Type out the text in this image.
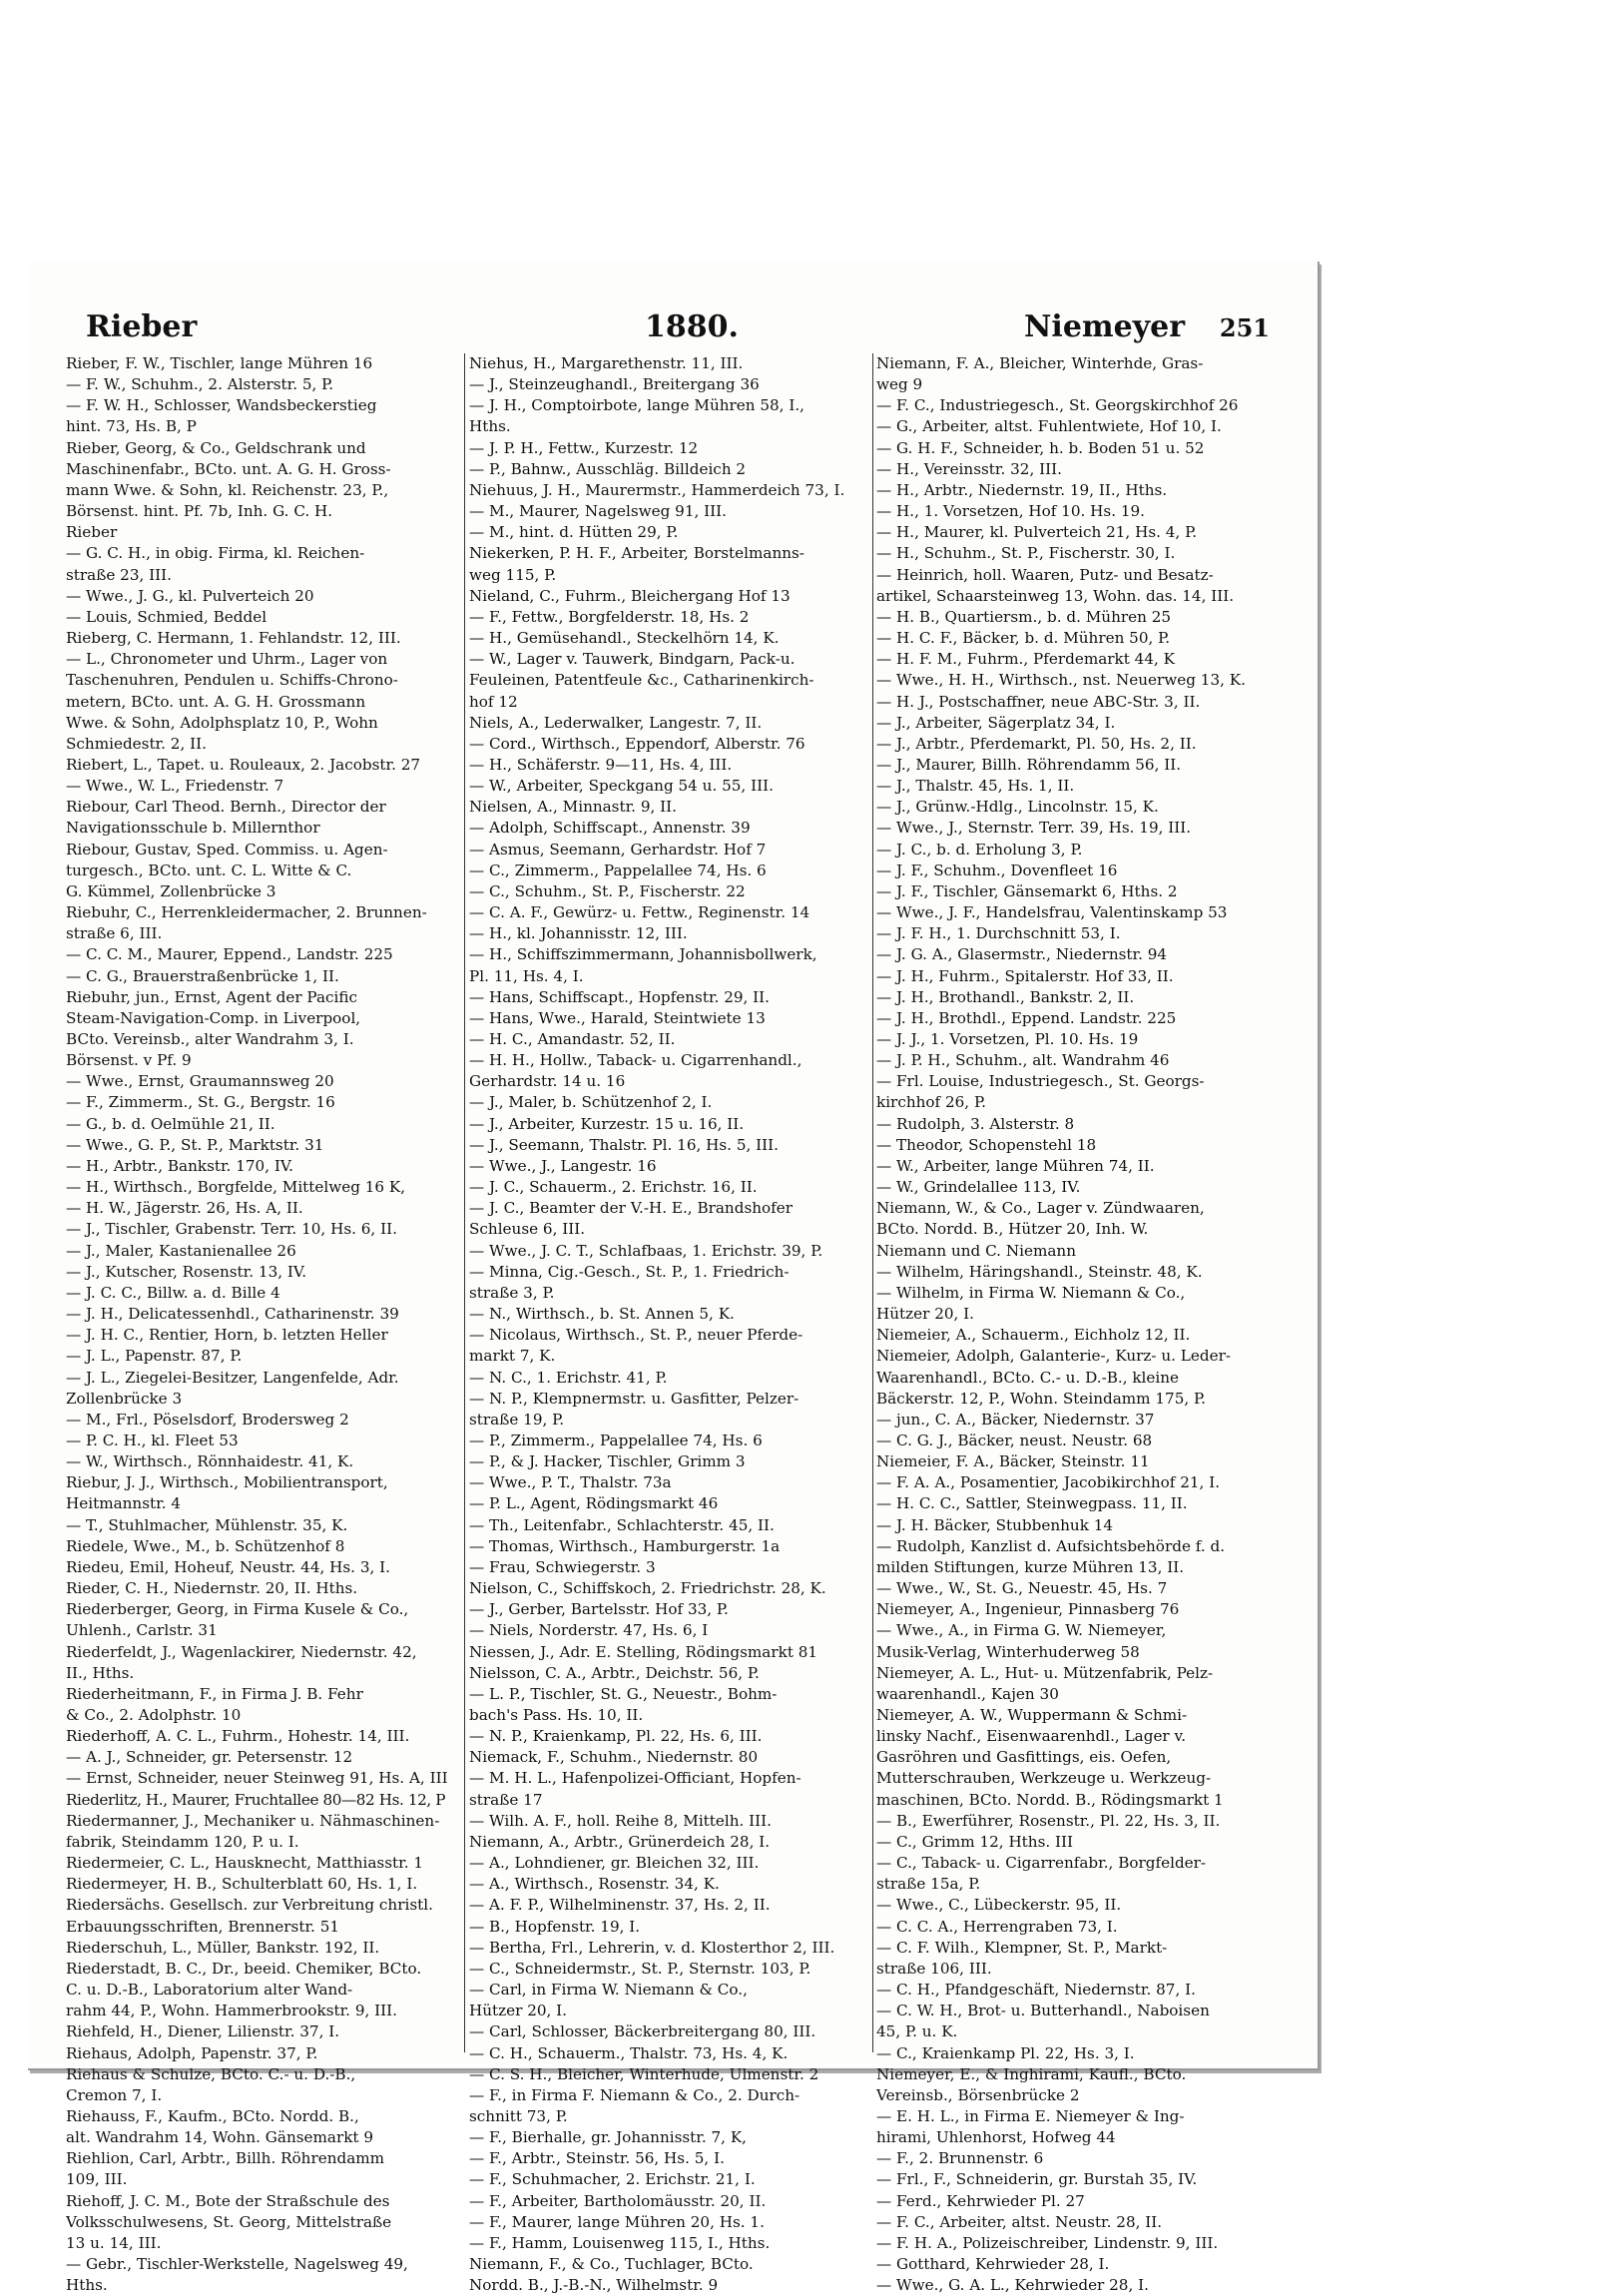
Rieber	1880.	Niemeyer 251
Rieber, F. W., Tischler, lange Mühren 16
— F. W., Schuhm., 2. Alsterstr. 5, P.
— F. W. H., Schlosser, Wandsbeckerstieg
hint. 73, Hs. B, P
Rieber, Georg, & Co., Geldschrank und
Maschinenfabr., BCto. unt. A. G. H. Gross-
mann Wwe. & Sohn, kl. Reichenstr. 23, P.,
Börsenst. hint. Pf. 7b, Inh. G. C. H.
Rieber
— G. C. H., in obig. Firma, kl. Reichen-
straße 23, III.
— Wwe., J. G., kl. Pulverteich 20
— Louis, Schmied, Beddel
Rieberg, C. Hermann, 1. Fehlandstr. 12, III.
— L., Chronometer und Uhrm., Lager von
Taschenuhren, Pendulen u. Schiffs-Chrono-
metern, BCto. unt. A. G. H. Grossmann
Wwe. & Sohn, Adolphsplatz 10, P., Wohn
Schmiedestr. 2, II.
Riebert, L., Tapet. u. Rouleaux, 2. Jacobstr. 27
— Wwe., W. L., Friedenstr. 7
Riebour, Carl Theod. Bernh., Director der
Navigationsschule b. Millernthor
Riebour, Gustav, Sped. Commiss. u. Agen-
turgesch., BCto. unt. C. L. Witte & C.
G. Kümmel, Zollenbrücke 3
Riebuhr, C., Herrenkleidermacher, 2. Brunnen-
straße 6, III.
— C. C. M., Maurer, Eppend., Landstr. 225
— C. G., Brauerstraßenbrücke 1, II.
Riebuhr, jun., Ernst, Agent der Pacific
Steam-Navigation-Comp. in Liverpool,
BCto. Vereinsb., alter Wandrahm 3, I.
Börsenst. v Pf. 9
— Wwe., Ernst, Graumannsweg 20
— F., Zimmerm., St. G., Bergstr. 16
— G., b. d. Oelmühle 21, II.
— Wwe., G. P., St. P., Marktstr. 31
— H., Arbtr., Bankstr. 170, IV.
— H., Wirthsch., Borgfelde, Mittelweg 16 K,
— H. W., Jägerstr. 26, Hs. A, II.
— J., Tischler, Grabenstr. Terr. 10, Hs. 6, II.
— J., Maler, Kastanienallee 26
— J., Kutscher, Rosenstr. 13, IV.
— J. C. C., Billw. a. d. Bille 4
— J. H., Delicatessenhdl., Catharinenstr. 39
— J. H. C., Rentier, Horn, b. letzten Heller
— J. L., Papenstr. 87, P.
— J. L., Ziegelei-Besitzer, Langenfelde, Adr.
Zollenbrücke 3
— M., Frl., Pöselsdorf, Brodersweg 2
— P. C. H., kl. Fleet 53
— W., Wirthsch., Rönnhaidestr. 41, K.
Riebur, J. J., Wirthsch., Mobilientransport,
Heitmannstr. 4
— T., Stuhlmacher, Mühlenstr. 35, K.
Riedele, Wwe., M., b. Schützenhof 8
Riedeu, Emil, Hoheuf, Neustr. 44, Hs. 3, I.
Rieder, C. H., Niedernstr. 20, II. Hths.
Riederberger, Georg, in Firma Kusele & Co.,
Uhlenh., Carlstr. 31
Riederfeldt, J., Wagenlackirer, Niedernstr. 42,
II., Hths.
Riederheitmann, F., in Firma J. B. Fehr
& Co., 2. Adolphstr. 10
Riederhoff, A. C. L., Fuhrm., Hohestr. 14, III.
— A. J., Schneider, gr. Petersenstr. 12
— Ernst, Schneider, neuer Steinweg 91, Hs. A, III
Riederlitz, H., Maurer, Fruchtallee 80—82 Hs. 12, P
Riedermanner, J., Mechaniker u. Nähmaschinen-
fabrik, Steindamm 120, P. u. I.
Riedermeier, C. L., Hausknecht, Matthiasstr. 1
Riedermeyer, H. B., Schulterblatt 60, Hs. 1, I.
Riedersächs. Gesellsch. zur Verbreitung christl.
Erbauungsschriften, Brennerstr. 51
Riederschuh, L., Müller, Bankstr. 192, II.
Riederstadt, B. C., Dr., beeid. Chemiker, BCto.
C. u. D.-B., Laboratorium alter Wand-
rahm 44, P., Wohn. Hammerbrookstr. 9, III.
Riehfeld, H., Diener, Lilienstr. 37, I.
Riehaus, Adolph, Papenstr. 37, P.
Riehaus & Schulze, BCto. C.- u. D.-B.,
Cremon 7, I.
Riehauss, F., Kaufm., BCto. Nordd. B.,
alt. Wandrahm 14, Wohn. Gänsemarkt 9
Riehlion, Carl, Arbtr., Billh. Röhrendamm
109, III.
Riehoff, J. C. M., Bote der Straßschule des
Volksschulwesens, St. Georg, Mittelstraße
13 u. 14, III.
— Gebr., Tischler-Werkstelle, Nagelsweg 49,
Hths.
Niehus, H., Margarethenstr. 11, III.
— J., Steinzeughandl., Breitergang 36
— J. H., Comptoirbote, lange Mühren 58, I.,
Hths.
— J. P. H., Fettw., Kurzestr. 12
— P., Bahnw., Ausschläg. Billdeich 2
Niehuus, J. H., Maurermstr., Hammerdeich 73, I.
— M., Maurer, Nagelsweg 91, III.
— M., hint. d. Hütten 29, P.
Niekerken, P. H. F., Arbeiter, Borstelmanns-
weg 115, P.
Nieland, C., Fuhrm., Bleichergang Hof 13
— F., Fettw., Borgfelderstr. 18, Hs. 2
— H., Gemüsehandl., Steckelhörn 14, K.
— W., Lager v. Tauwerk, Bindgarn, Pack-u.
Feuleinen, Patentfeule &c., Catharinenkirch-
hof 12
Niels, A., Lederwalker, Langestr. 7, II.
— Cord., Wirthsch., Eppendorf, Alberstr. 76
— H., Schäferstr. 9—11, Hs. 4, III.
— W., Arbeiter, Speckgang 54 u. 55, III.
Nielsen, A., Minnastr. 9, II.
— Adolph, Schiffscapt., Annenstr. 39
— Asmus, Seemann, Gerhardstr. Hof 7
— C., Zimmerm., Pappelallee 74, Hs. 6
— C., Schuhm., St. P., Fischerstr. 22
— C. A. F., Gewürz- u. Fettw., Reginenstr. 14
— H., kl. Johannisstr. 12, III.
— H., Schiffszimmermann, Johannisbollwerk,
Pl. 11, Hs. 4, I.
— Hans, Schiffscapt., Hopfenstr. 29, II.
— Hans, Wwe., Harald, Steintwiete 13
— H. C., Amandastr. 52, II.
— H. H., Hollw., Taback- u. Cigarrenhandl.,
Gerhardstr. 14 u. 16
— J., Maler, b. Schützenhof 2, I.
— J., Arbeiter, Kurzestr. 15 u. 16, II.
— J., Seemann, Thalstr. Pl. 16, Hs. 5, III.
— Wwe., J., Langestr. 16
— J. C., Schauerm., 2. Erichstr. 16, II.
— J. C., Beamter der V.-H. E., Brandshofer
Schleuse 6, III.
— Wwe., J. C. T., Schlafbaas, 1. Erichstr. 39, P.
— Minna, Cig.-Gesch., St. P., 1. Friedrich-
straße 3, P.
— N., Wirthsch., b. St. Annen 5, K.
— Nicolaus, Wirthsch., St. P., neuer Pferde-
markt 7, K.
— N. C., 1. Erichstr. 41, P.
— N. P., Klempnermstr. u. Gasfitter, Pelzer-
straße 19, P.
— P., Zimmerm., Pappelallee 74, Hs. 6
— P., & J. Hacker, Tischler, Grimm 3
— Wwe., P. T., Thalstr. 73a
— P. L., Agent, Rödingsmarkt 46
— Th., Leitenfabr., Schlachterstr. 45, II.
— Thomas, Wirthsch., Hamburgerstr. 1a
— Frau, Schwiegerstr. 3
Nielson, C., Schiffskoch, 2. Friedrichstr. 28, K.
— J., Gerber, Bartelsstr. Hof 33, P.
— Niels, Norderstr. 47, Hs. 6, I
Niessen, J., Adr. E. Stelling, Rödingsmarkt 81
Nielsson, C. A., Arbtr., Deichstr. 56, P.
— L. P., Tischler, St. G., Neuestr., Bohm-
bach's Pass. Hs. 10, II.
— N. P., Kraienkamp, Pl. 22, Hs. 6, III.
Niemack, F., Schuhm., Niedernstr. 80
— M. H. L., Hafenpolizei-Officiant, Hopfen-
straße 17
— Wilh. A. F., holl. Reihe 8, Mittelh. III.
Niemann, A., Arbtr., Grünerdeich 28, I.
— A., Lohndiener, gr. Bleichen 32, III.
— A., Wirthsch., Rosenstr. 34, K.
— A. F. P., Wilhelminenstr. 37, Hs. 2, II.
— B., Hopfenstr. 19, I.
— Bertha, Frl., Lehrerin, v. d. Klosterthor 2, III.
— C., Schneidermstr., St. P., Sternstr. 103, P.
— Carl, in Firma W. Niemann & Co.,
Hützer 20, I.
— Carl, Schlosser, Bäckerbreitergang 80, III.
— C. H., Schauerm., Thalstr. 73, Hs. 4, K.
— C. S. H., Bleicher, Winterhude, Ulmenstr. 2
— F., in Firma F. Niemann & Co., 2. Durch-
schnitt 73, P.
— F., Bierhalle, gr. Johannisstr. 7, K,
— F., Arbtr., Steinstr. 56, Hs. 5, I.
— F., Schuhmacher, 2. Erichstr. 21, I.
— F., Arbeiter, Bartholomäusstr. 20, II.
— F., Maurer, lange Mühren 20, Hs. 1.
— F., Hamm, Louisenweg 115, I., Hths.
Niemann, F., & Co., Tuchlager, BCto.
Nordd. B., J.-B.-N., Wilhelmstr. 9
Niemann, F. A., Bleicher, Winterhde, Gras-
weg 9
— F. C., Industriegesch., St. Georgskirchhof 26
— G., Arbeiter, altst. Fuhlentwiete, Hof 10, I.
— G. H. F., Schneider, h. b. Boden 51 u. 52
— H., Vereinsstr. 32, III.
— H., Arbtr., Niedernstr. 19, II., Hths.
— H., 1. Vorsetzen, Hof 10. Hs. 19.
— H., Maurer, kl. Pulverteich 21, Hs. 4, P.
— H., Schuhm., St. P., Fischerstr. 30, I.
— Heinrich, holl. Waaren, Putz- und Besatz-
artikel, Schaarsteinweg 13, Wohn. das. 14, III.
— H. B., Quartiersm., b. d. Mühren 25
— H. C. F., Bäcker, b. d. Mühren 50, P.
— H. F. M., Fuhrm., Pferdemarkt 44, K
— Wwe., H. H., Wirthsch., nst. Neuerweg 13, K.
— H. J., Postschaffner, neue ABC-Str. 3, II.
— J., Arbeiter, Sägerplatz 34, I.
— J., Arbtr., Pferdemarkt, Pl. 50, Hs. 2, II.
— J., Maurer, Billh. Röhrendamm 56, II.
— J., Thalstr. 45, Hs. 1, II.
— J., Grünw.-Hdlg., Lincolnstr. 15, K.
— Wwe., J., Sternstr. Terr. 39, Hs. 19, III.
— J. C., b. d. Erholung 3, P.
— J. F., Schuhm., Dovenfleet 16
— J. F., Tischler, Gänsemarkt 6, Hths. 2
— Wwe., J. F., Handelsfrau, Valentinskamp 53
— J. F. H., 1. Durchschnitt 53, I.
— J. G. A., Glasermstr., Niedernstr. 94
— J. H., Fuhrm., Spitalerstr. Hof 33, II.
— J. H., Brothandl., Bankstr. 2, II.
— J. H., Brothdl., Eppend. Landstr. 225
— J. J., 1. Vorsetzen, Pl. 10. Hs. 19
— J. P. H., Schuhm., alt. Wandrahm 46
— Frl. Louise, Industriegesch., St. Georgs-
kirchhof 26, P.
— Rudolph, 3. Alsterstr. 8
— Theodor, Schopenstehl 18
— W., Arbeiter, lange Mühren 74, II.
— W., Grindelallee 113, IV.
Niemann, W., & Co., Lager v. Zündwaaren,
BCto. Nordd. B., Hützer 20, Inh. W.
Niemann und C. Niemann
— Wilhelm, Häringshandl., Steinstr. 48, K.
— Wilhelm, in Firma W. Niemann & Co.,
Hützer 20, I.
Niemeier, A., Schauerm., Eichholz 12, II.
Niemeier, Adolph, Galanterie-, Kurz- u. Leder-
Waarenhandl., BCto. C.- u. D.-B., kleine
Bäckerstr. 12, P., Wohn. Steindamm 175, P.
— jun., C. A., Bäcker, Niedernstr. 37
— C. G. J., Bäcker, neust. Neustr. 68
Niemeier, F. A., Bäcker, Steinstr. 11
— F. A. A., Posamentier, Jacobikirchhof 21, I.
— H. C. C., Sattler, Steinwegpass. 11, II.
— J. H. Bäcker, Stubbenhuk 14
— Rudolph, Kanzlist d. Aufsichtsbehörde f. d.
milden Stiftungen, kurze Mühren 13, II.
— Wwe., W., St. G., Neuestr. 45, Hs. 7
Niemeyer, A., Ingenieur, Pinnasberg 76
— Wwe., A., in Firma G. W. Niemeyer,
Musik-Verlag, Winterhuderweg 58
Niemeyer, A. L., Hut- u. Mützenfabrik, Pelz-
waarenhandl., Kajen 30
Niemeyer, A. W., Wuppermann & Schmi-
linsky Nachf., Eisenwaarenhdl., Lager v.
Gasröhren und Gasfittings, eis. Oefen,
Mutterschrauben, Werkzeuge u. Werkzeug-
maschinen, BCto. Nordd. B., Rödingsmarkt 1
— B., Ewerführer, Rosenstr., Pl. 22, Hs. 3, II.
— C., Grimm 12, Hths. III
— C., Taback- u. Cigarrenfabr., Borgfelder-
straße 15a, P.
— Wwe., C., Lübeckerstr. 95, II.
— C. C. A., Herrengraben 73, I.
— C. F. Wilh., Klempner, St. P., Markt-
straße 106, III.
— C. H., Pfandgeschäft, Niedernstr. 87, I.
— C. W. H., Brot- u. Butterhandl., Naboisen
45, P. u. K.
— C., Kraienkamp Pl. 22, Hs. 3, I.
Niemeyer, E., & Inghirami, Kaufl., BCto.
Vereinsb., Börsenbrücke 2
— E. H. L., in Firma E. Niemeyer & Ing-
hirami, Uhlenhorst, Hofweg 44
— F., 2. Brunnenstr. 6
— Frl., F., Schneiderin, gr. Burstah 35, IV.
— Ferd., Kehrwieder Pl. 27
— F. C., Arbeiter, altst. Neustr. 28, II.
— F. H. A., Polizeischreiber, Lindenstr. 9, III.
— Gotthard, Kehrwieder 28, I.
— Wwe., G. A. L., Kehrwieder 28, I.
